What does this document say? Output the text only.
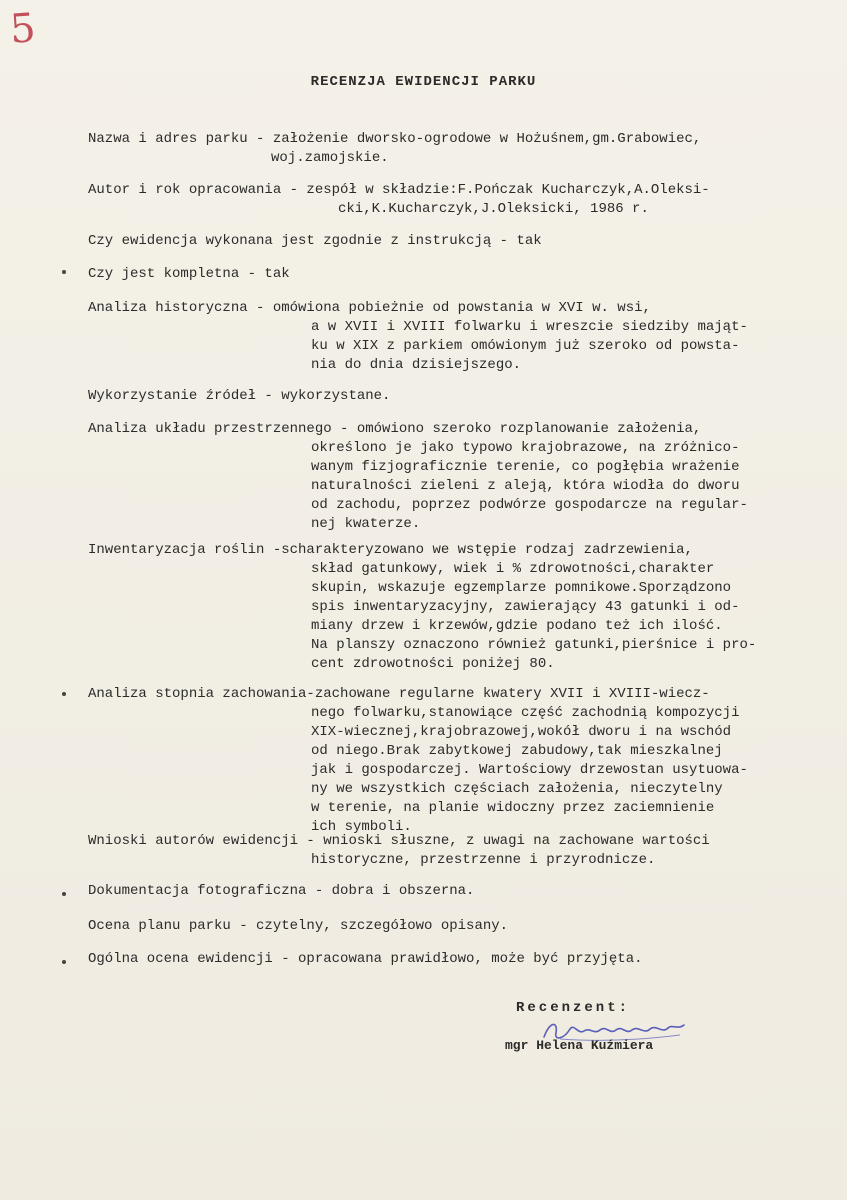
5
RECENZJA EWIDENCJI PARKU
Nazwa i adres parku - założenie dworsko-ogrodowe w Hożuśnem,gm.Grabowiec,
woj.zamojskie.
Autor i rok opracowania - zespół w składzie:F.Pończak Kucharczyk,A.Oleksi-
cki,K.Kucharczyk,J.Oleksicki, 1986 r.
Czy ewidencja wykonana jest zgodnie z instrukcją - tak
Czy jest kompletna - tak
Analiza historyczna - omówiona pobieżnie od powstania w XVI w. wsi,
a w XVII i XVIII folwarku i wreszcie siedziby mająt-
ku w XIX z parkiem omówionym już szeroko od powsta-
nia do dnia dzisiejszego.
Wykorzystanie źródeł - wykorzystane.
Analiza układu przestrzennego - omówiono szeroko rozplanowanie założenia,
określono je jako typowo krajobrazowe, na zróżnico-
wanym fizjograficznie terenie, co pogłębia wrażenie
naturalności zieleni z aleją, która wiodła do dworu
od zachodu, poprzez podwórze gospodarcze na regular-
nej kwaterze.
Inwentaryzacja roślin -scharakteryzowano we wstępie rodzaj zadrzewienia,
skład gatunkowy, wiek i % zdrowotności,charakter
skupin, wskazuje egzemplarze pomnikowe.Sporządzono
spis inwentaryzacyjny, zawierający 43 gatunki i od-
miany drzew i krzewów,gdzie podano też ich ilość.
Na planszy oznaczono również gatunki,pierśnice i pro-
cent zdrowotności poniżej 80.
Analiza stopnia zachowania-zachowane regularne kwatery XVII i XVIII-wiecz-
nego folwarku,stanowiące część zachodnią kompozycji
XIX-wiecznej,krajobrazowej,wokół dworu i na wschód
od niego.Brak zabytkowej zabudowy,tak mieszkalnej
jak i gospodarczej. Wartościowy drzewostan usytuowa-
ny we wszystkich częściach założenia, nieczytelny
w terenie, na planie widoczny przez zaciemnienie
ich symboli.
Wnioski autorów ewidencji - wnioski słuszne, z uwagi na zachowane wartości
historyczne, przestrzenne i przyrodnicze.
Dokumentacja fotograficzna - dobra i obszerna.
Ocena planu parku - czytelny, szczegółowo opisany.
Ogólna ocena ewidencji - opracowana prawidłowo, może być przyjęta.
Recenzent:
mgr Helena Kuźmiera
